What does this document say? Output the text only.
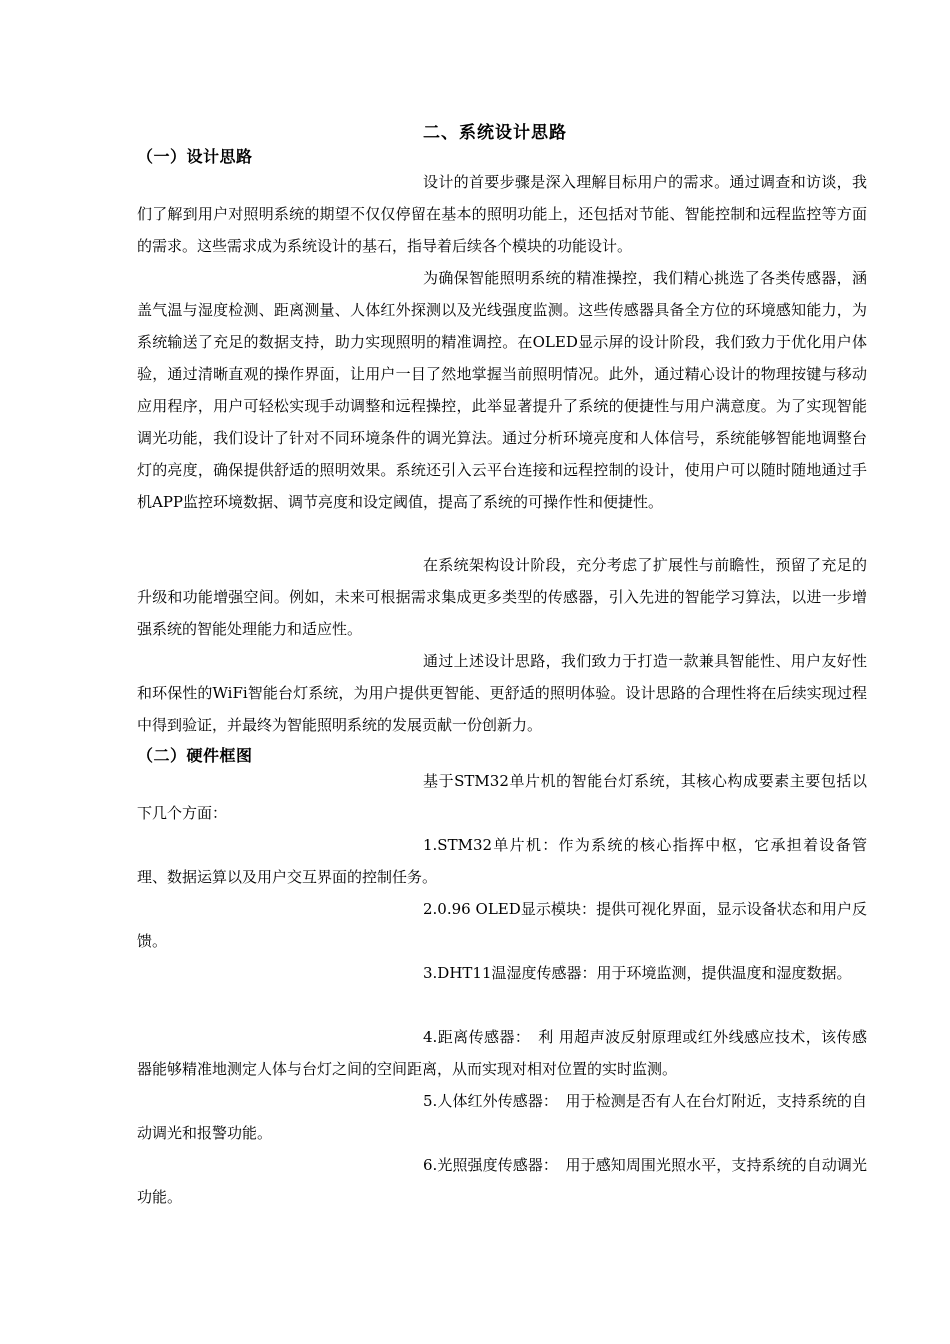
二、系统设计思路
（一）设计思路

设计的首要步骤是深入理解目标用户的需求。通过调查和访谈，我们了解到用户对照明系统的期望不仅仅停留在基本的照明功能上，还包括对节能、智能控制和远程监控等方面的需求。这些需求成为系统设计的基石，指导着后续各个模块的功能设计。

为确保智能照明系统的精准操控，我们精心挑选了各类传感器，涵盖气温与湿度检测、距离测量、人体红外探测以及光线强度监测。这些传感器具备全方位的环境感知能力，为系统输送了充足的数据支持，助力实现照明的精准调控。在OLED显示屏的设计阶段，我们致力于优化用户体验，通过清晰直观的操作界面，让用户一目了然地掌握当前照明情况。此外，通过精心设计的物理按键与移动应用程序，用户可轻松实现手动调整和远程操控，此举显著提升了系统的便捷性与用户满意度。为了实现智能调光功能，我们设计了针对不同环境条件的调光算法。通过分析环境亮度和人体信号，系统能够智能地调整台灯的亮度，确保提供舒适的照明效果。系统还引入云平台连接和远程控制的设计，使用户可以随时随地通过手机APP监控环境数据、调节亮度和设定阈值，提高了系统的可操作性和便捷性。

在系统架构设计阶段，充分考虑了扩展性与前瞻性，预留了充足的升级和功能增强空间。例如，未来可根据需求集成更多类型的传感器，引入先进的智能学习算法，以进一步增强系统的智能处理能力和适应性。

通过上述设计思路，我们致力于打造一款兼具智能性、用户友好性和环保性的WiFi智能台灯系统，为用户提供更智能、更舒适的照明体验。设计思路的合理性将在后续实现过程中得到验证，并最终为智能照明系统的发展贡献一份创新力。

（二）硬件框图

基于STM32单片机的智能台灯系统，其核心构成要素主要包括以下几个方面：

1.STM32单片机：作为系统的核心指挥中枢，它承担着设备管理、数据运算以及用户交互界面的控制任务。

2.0.96 OLED显示模块：提供可视化界面，显示设备状态和用户反馈。

3.DHT11温湿度传感器：用于环境监测，提供温度和湿度数据。

4.距离传感器：　利 用超声波反射原理或红外线感应技术，该传感器能够精准地测定人体与台灯之间的空间距离，从而实现对相对位置的实时监测。

5.人体红外传感器：　用于检测是否有人在台灯附近，支持系统的自动调光和报警功能。

6.光照强度传感器：　用于感知周围光照水平，支持系统的自动调光功能。
